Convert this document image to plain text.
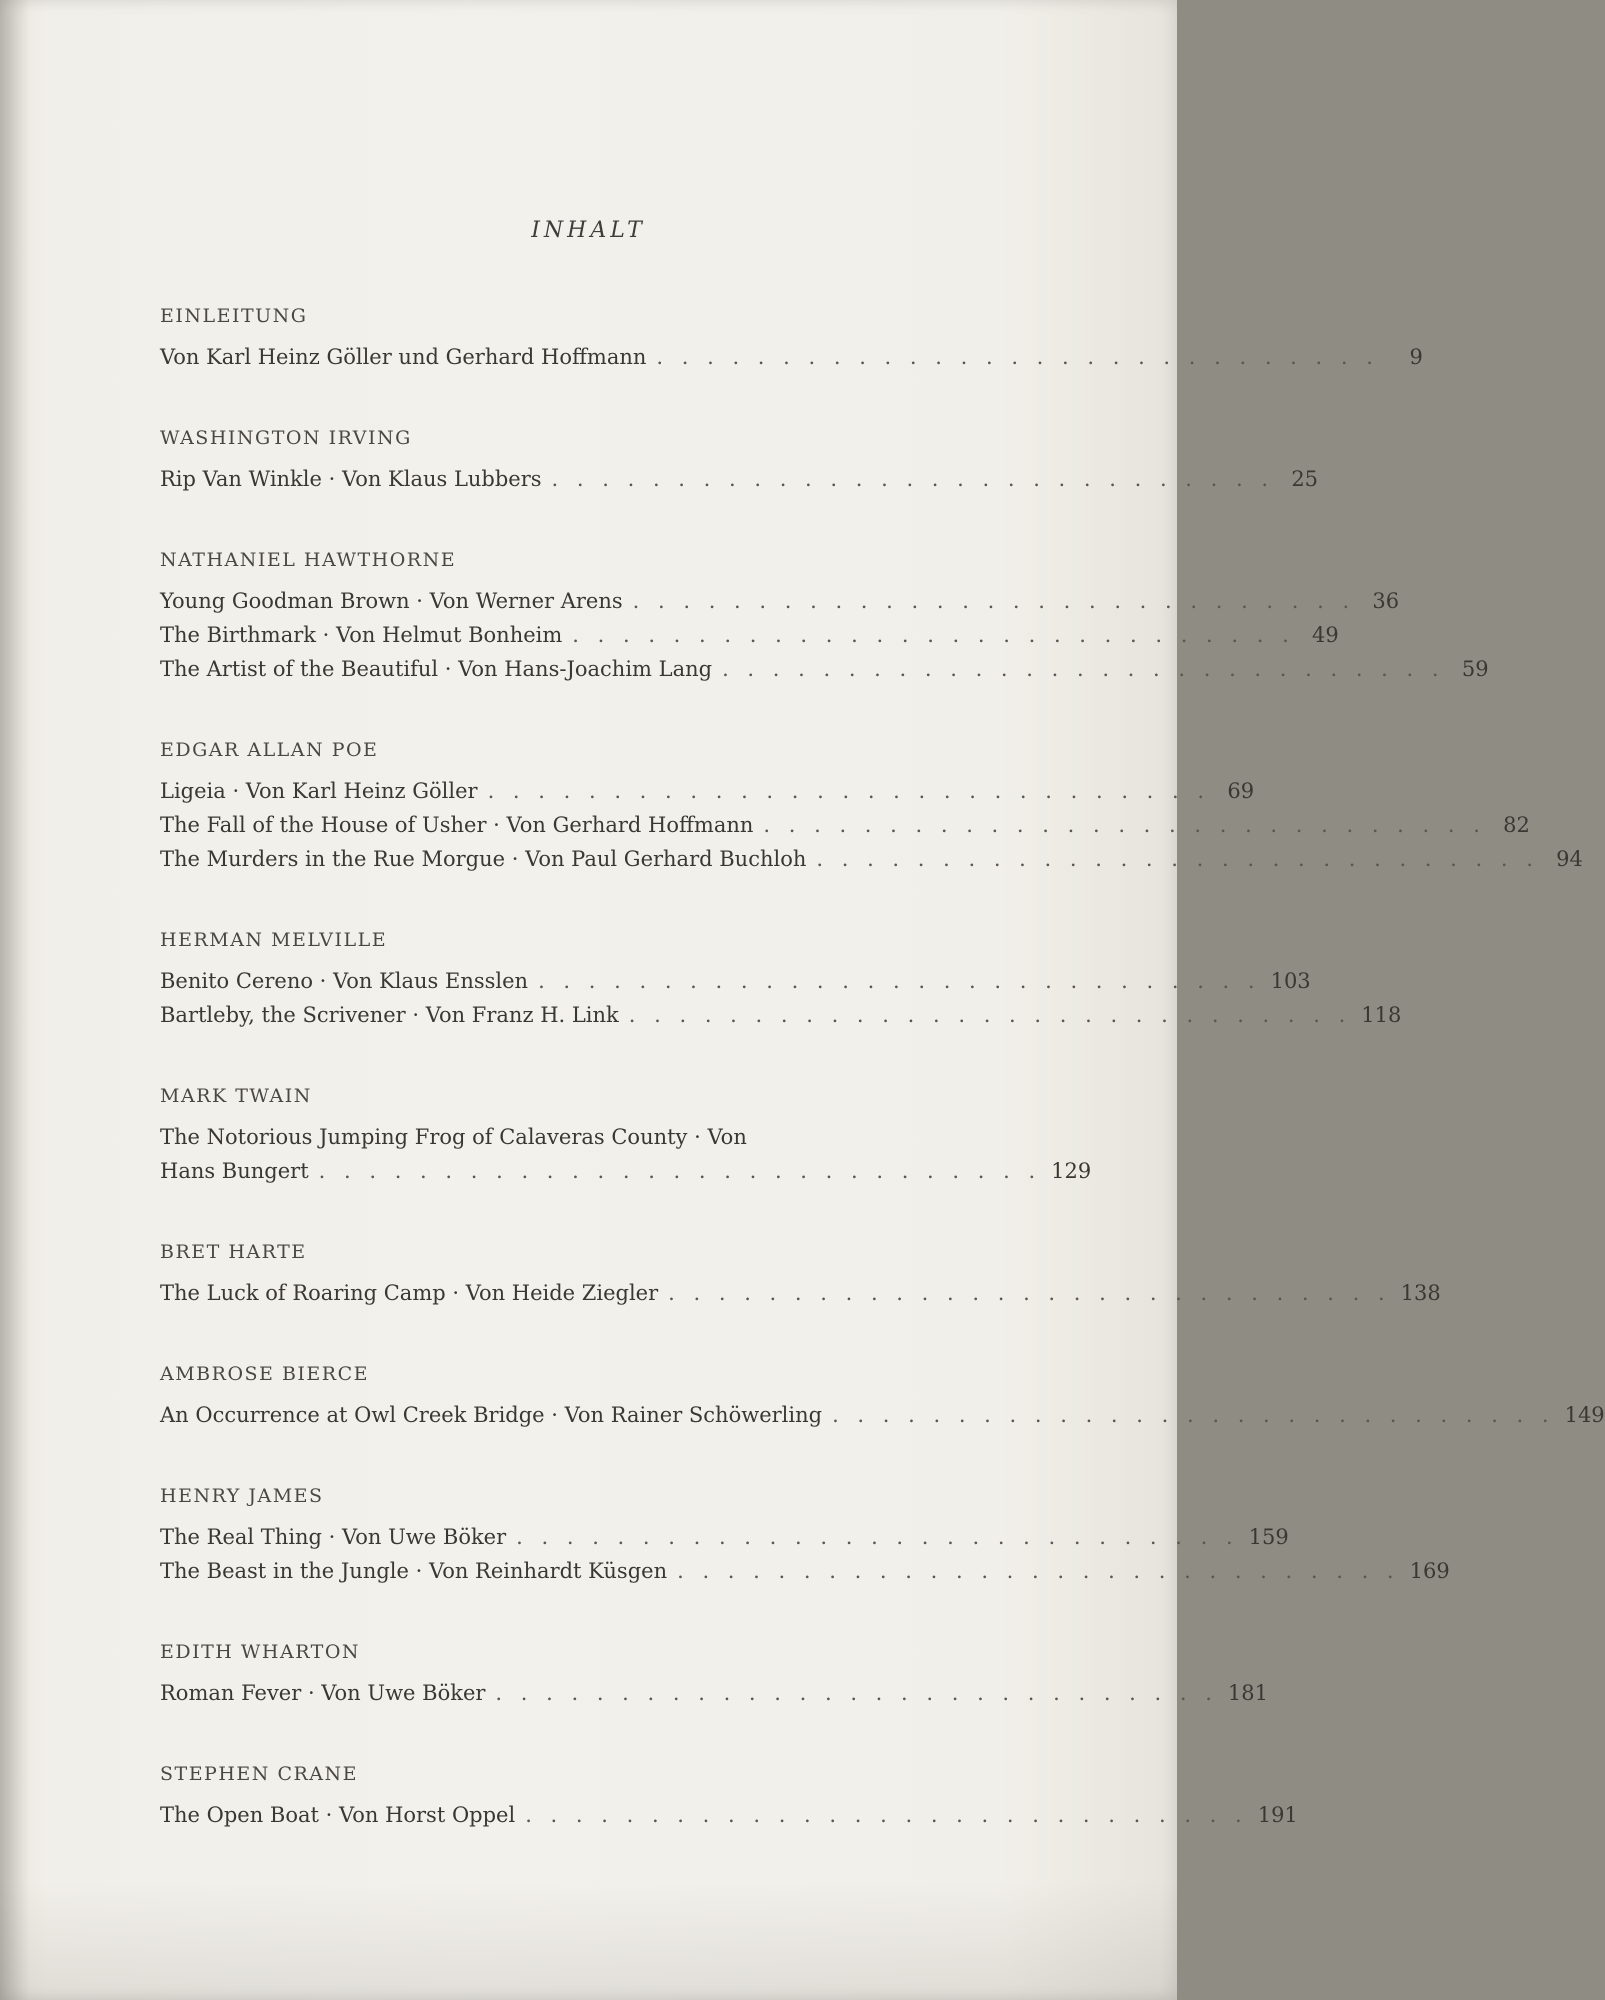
INHALT
EINLEITUNG
Von Karl Heinz Göller und Gerhard Hoffmann . . . . . . . . . . . . . . . . . . . . . . . . . . . . .	9
WASHINGTON IRVING
Rip Van Winkle · Von Klaus Lubbers . . . . . . . . . . . . . . . . . . . . . . . . . . . . . 25
NATHANIEL HAWTHORNE
Young Goodman Brown · Von Werner Arens . . . . . . . . . . . . . . . . . . . . . . . . . . . . . 36
The Birthmark · Von Helmut Bonheim . . . . . . . . . . . . . . . . . . . . . . . . . . . . . 49
The Artist of the Beautiful · Von Hans-Joachim Lang . . . . . . . . . . . . . . . . . . . . . . . . . . . . . 59
EDGAR ALLAN POE
Ligeia · Von Karl Heinz Göller . . . . . . . . . . . . . . . . . . . . . . . . . . . . . 69
The Fall of the House of Usher · Von Gerhard Hoffmann . . . . . . . . . . . . . . . . . . . . . . . . . . . . . 82
The Murders in the Rue Morgue · Von Paul Gerhard Buchloh . . . . . . . . . . . . . . . . . . . . . . . . . . . . . 94
HERMAN MELVILLE
Benito Cereno · Von Klaus Ensslen . . . . . . . . . . . . . . . . . . . . . . . . . . . . . 103
Bartleby, the Scrivener · Von Franz H. Link . . . . . . . . . . . . . . . . . . . . . . . . . . . . . 118
MARK TWAIN
The Notorious Jumping Frog of Calaveras County · Von
Hans Bungert . . . . . . . . . . . . . . . . . . . . . . . . . . . . . 129
BRET HARTE
The Luck of Roaring Camp · Von Heide Ziegler . . . . . . . . . . . . . . . . . . . . . . . . . . . . . 138
AMBROSE BIERCE
An Occurrence at Owl Creek Bridge · Von Rainer Schöwerling . . . . . . . . . . . . . . . . . . . . . . . . . . . . . 149
HENRY JAMES
The Real Thing · Von Uwe Böker . . . . . . . . . . . . . . . . . . . . . . . . . . . . . 159
The Beast in the Jungle · Von Reinhardt Küsgen . . . . . . . . . . . . . . . . . . . . . . . . . . . . . 169
EDITH WHARTON
Roman Fever · Von Uwe Böker . . . . . . . . . . . . . . . . . . . . . . . . . . . . . 181
STEPHEN CRANE
The Open Boat · Von Horst Oppel . . . . . . . . . . . . . . . . . . . . . . . . . . . . . 191
